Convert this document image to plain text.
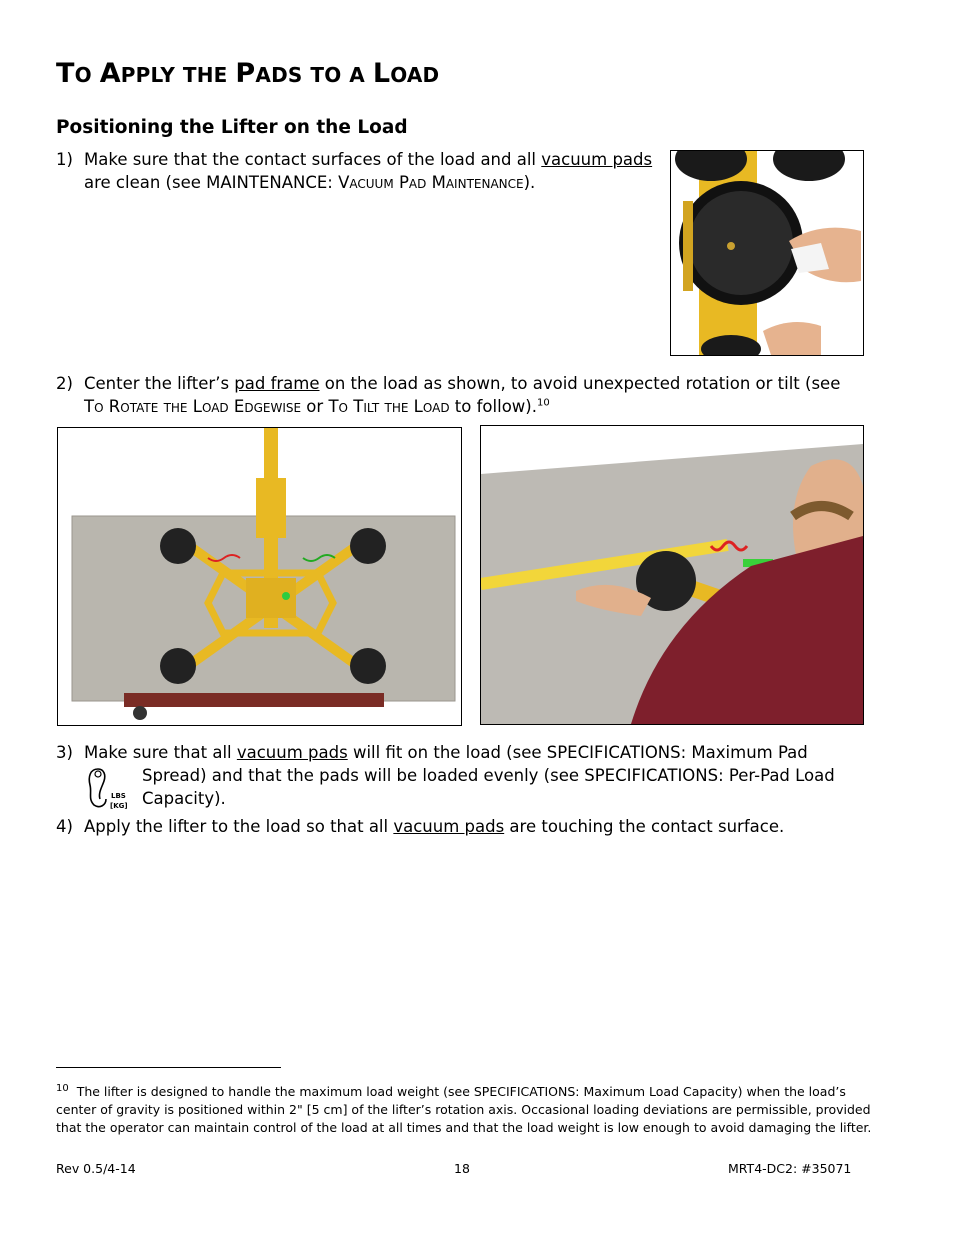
TO APPLY THE PADS TO A LOAD
Positioning the Lifter on the Load
1) Make sure that the contact surfaces of the load and all vacuum pads
are clean (see MAINTENANCE: VACUUM PAD MAINTENANCE).
2) Center the lifter’s pad frame on the load as shown, to avoid unexpected rotation or tilt (see
TO ROTATE THE LOAD EDGEWISE or TO TILT THE LOAD to follow).$^{10}$
3) Make sure that all vacuum pads will fit on the load (see SPECIFICATIONS: Maximum Pad
Spread) and that the pads will be loaded evenly (see SPECIFICATIONS: Per-Pad Load
Capacity).
LBS
[KG]
4) Apply the lifter to the load so that all vacuum pads are touching the contact surface.
$^{10}$ The lifter is designed to handle the maximum load weight (see SPECIFICATIONS: Maximum Load Capacity) when the load’s
center of gravity is positioned within 2" [5 cm] of the lifter’s rotation axis. Occasional loading deviations are permissible, provided
that the operator can maintain control of the load at all times and that the load weight is low enough to avoid damaging the lifter.
Rev 0.5/4-14	18	MRT4-DC2: #35071
